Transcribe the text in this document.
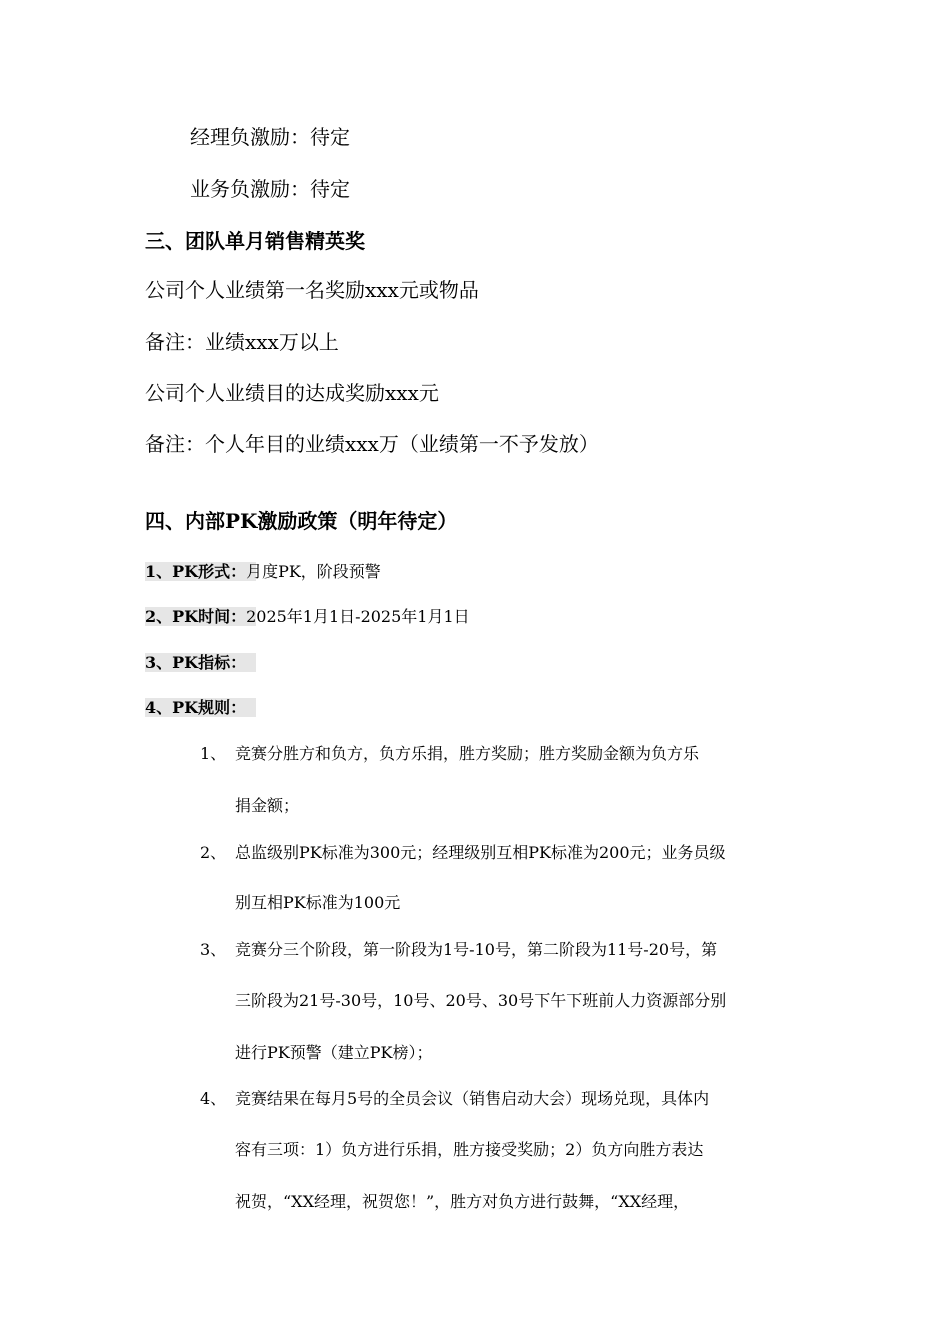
经理负激励：待定
业务负激励：待定
三、团队单月销售精英奖
公司个人业绩第一名奖励xxx元或物品
备注：业绩xxx万以上
公司个人业绩目的达成奖励xxx元
备注：个人年目的业绩xxx万（业绩第一不予发放）
四、内部PK激励政策（明年待定）
1、PK形式：月度PK，阶段预警
2、PK时间：2025年1月1日-2025年1月1日
3、PK指标：
4、PK规则：
1、 竞赛分胜方和负方，负方乐捐，胜方奖励；胜方奖励金额为负方乐
捐金额；
2、 总监级别PK标准为300元；经理级别互相PK标准为200元；业务员级
别互相PK标准为100元
3、 竞赛分三个阶段，第一阶段为1号-10号，第二阶段为11号-20号，第
三阶段为21号-30号，10号、20号、30号下午下班前人力资源部分别
进行PK预警（建立PK榜）；
4、 竞赛结果在每月5号的全员会议（销售启动大会）现场兑现，具体内
容有三项：1）负方进行乐捐，胜方接受奖励；2）负方向胜方表达
祝贺，“XX经理，祝贺您！”，胜方对负方进行鼓舞，“XX经理，
